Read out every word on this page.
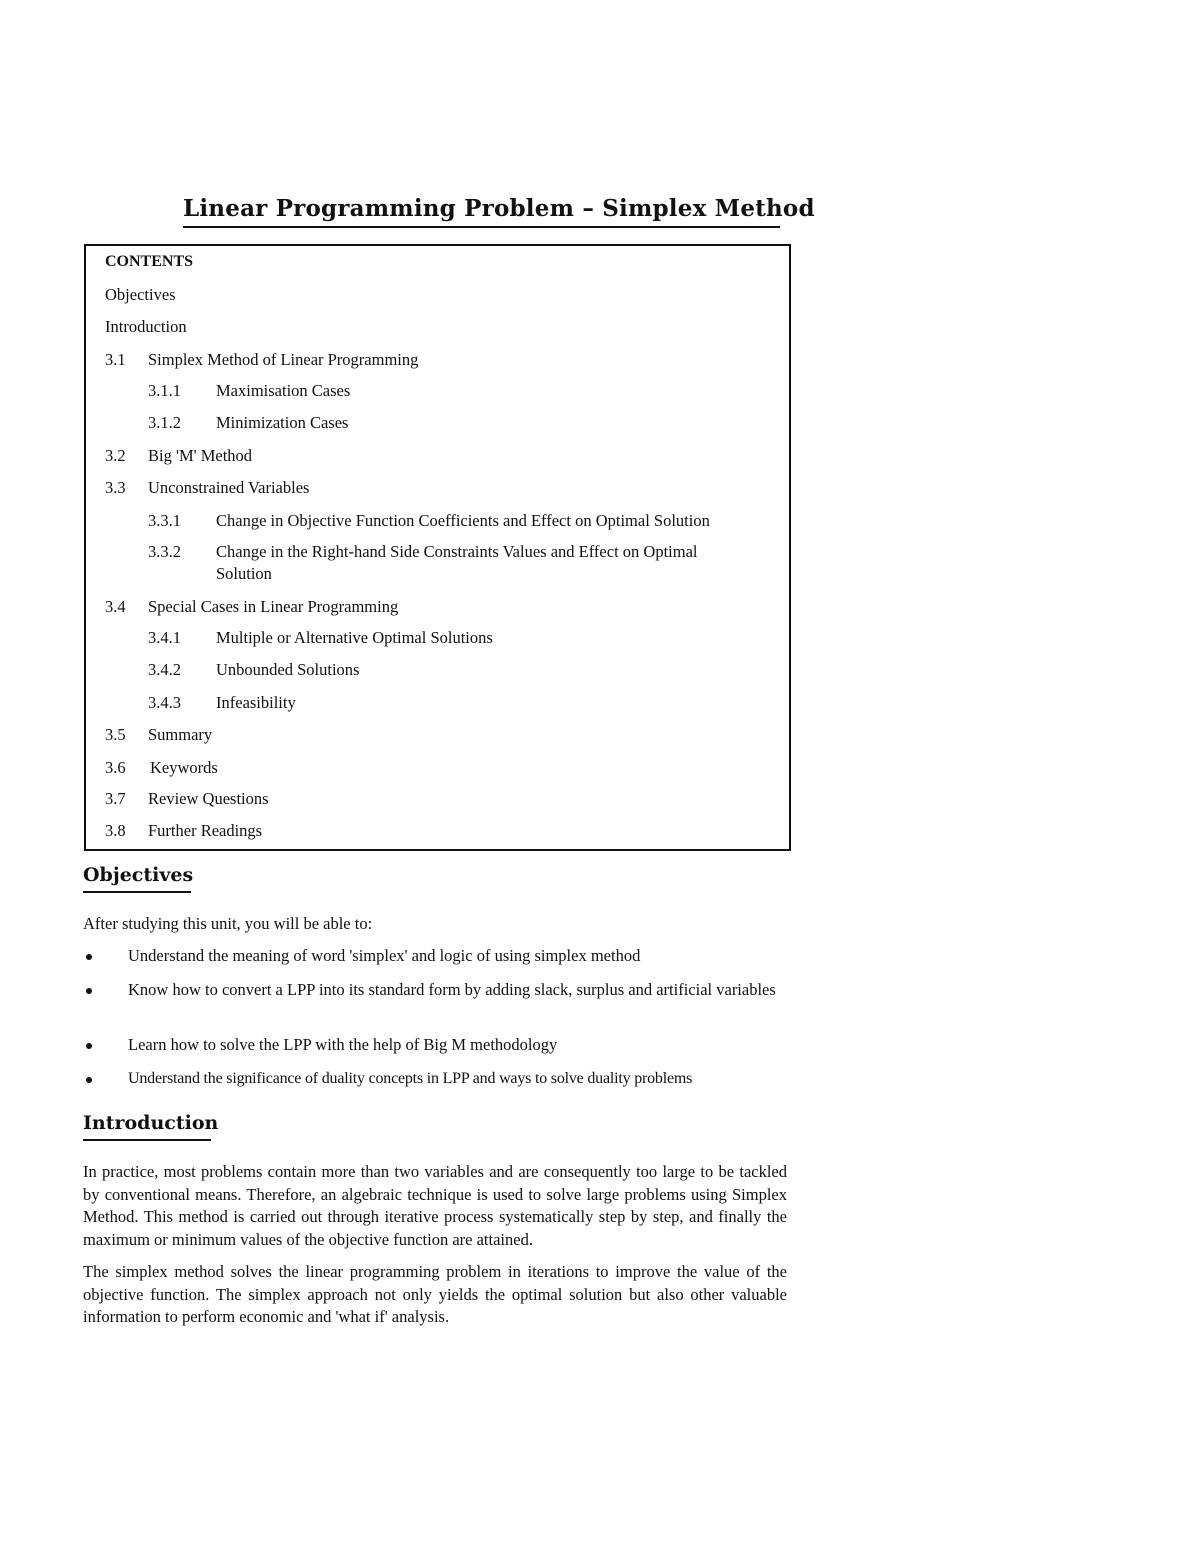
Linear Programming Problem – Simplex Method
CONTENTS
Objectives
Introduction
3.1 Simplex Method of Linear Programming
3.1.1 Maximisation Cases
3.1.2 Minimization Cases
3.2 Big 'M' Method
3.3 Unconstrained Variables
3.3.1 Change in Objective Function Coefficients and Effect on Optimal Solution
3.3.2 Change in the Right-hand Side Constraints Values and Effect on Optimal
Solution
3.4 Special Cases in Linear Programming
3.4.1 Multiple or Alternative Optimal Solutions
3.4.2 Unbounded Solutions
3.4.3 Infeasibility
3.5 Summary
3.6 Keywords
3.7 Review Questions
3.8 Further Readings
Objectives
After studying this unit, you will be able to:
Understand the meaning of word 'simplex' and logic of using simplex method
Know how to convert a LPP into its standard form by adding slack, surplus and artificial variables
Learn how to solve the LPP with the help of Big M methodology
Understand the significance of duality concepts in LPP and ways to solve duality problems
Introduction
In practice, most problems contain more than two variables and are consequently too large to be tackled by conventional means. Therefore, an algebraic technique is used to solve large problems using Simplex Method. This method is carried out through iterative process systematically step by step, and finally the maximum or minimum values of the objective function are attained.
The simplex method solves the linear programming problem in iterations to improve the value of the objective function. The simplex approach not only yields the optimal solution but also other valuable information to perform economic and 'what if' analysis.
